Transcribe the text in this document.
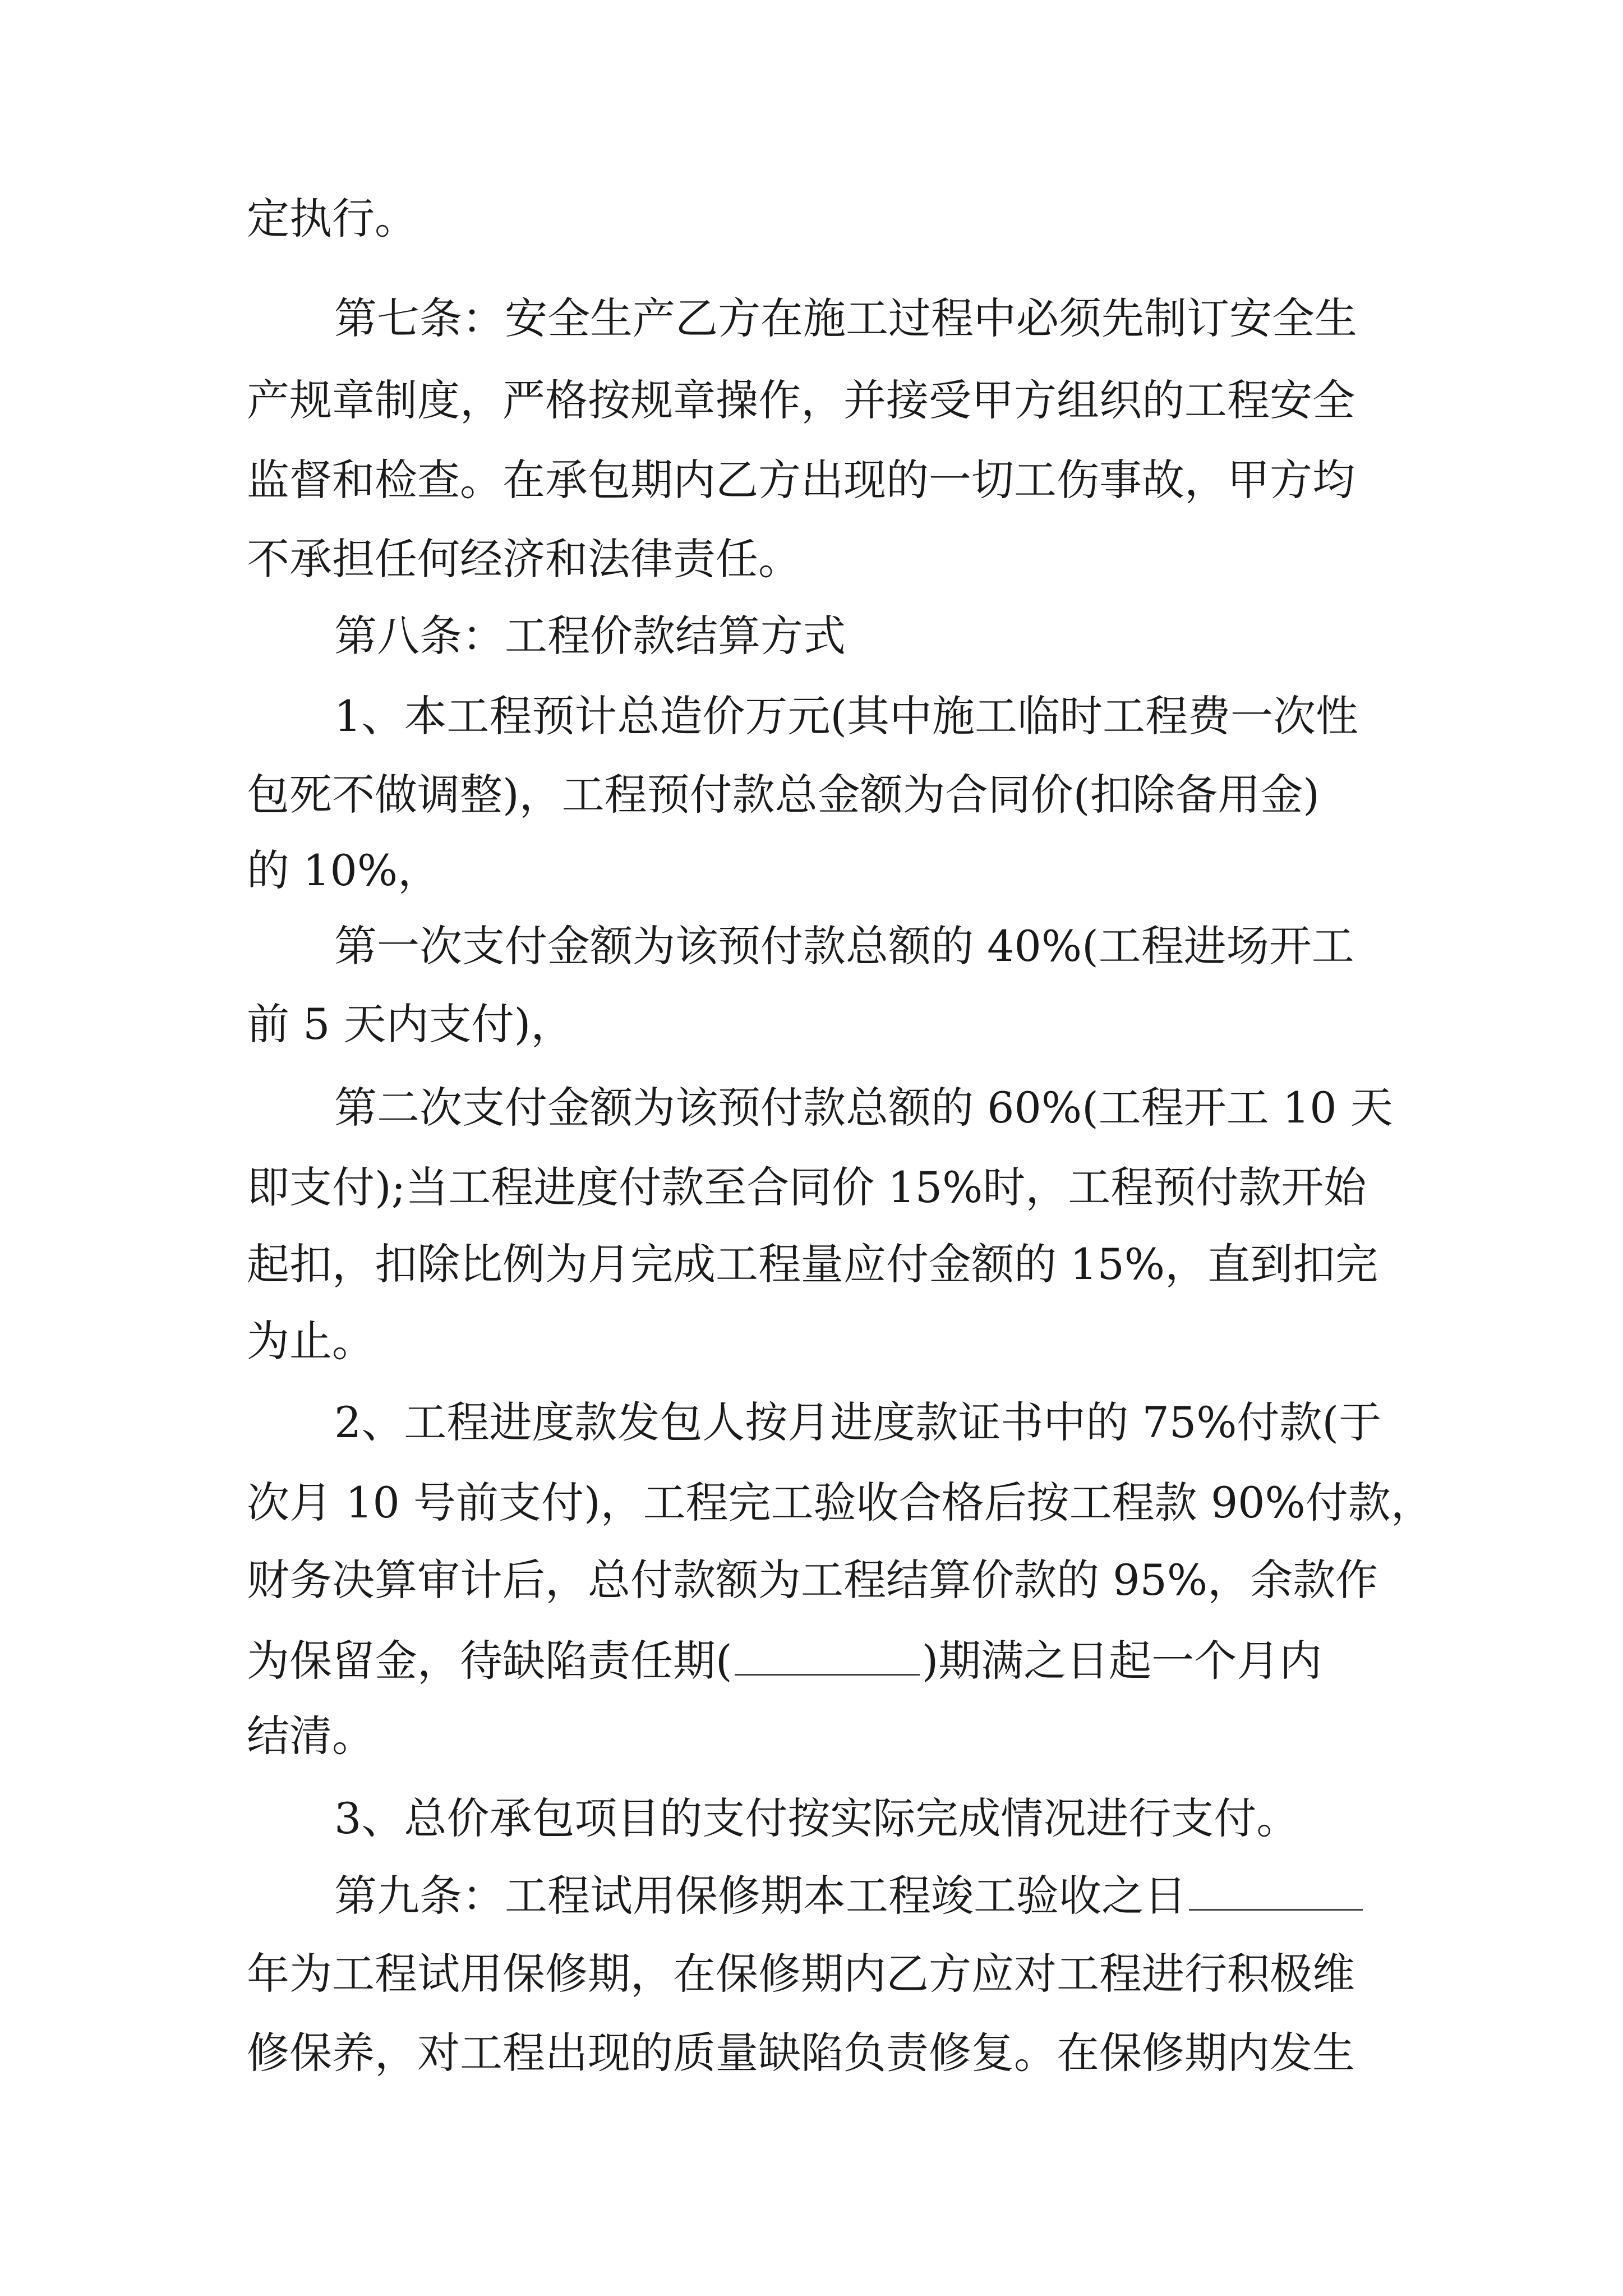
定执行。
第七条：安全生产乙方在施工过程中必须先制订安全生
产规章制度，严格按规章操作，并接受甲方组织的工程安全
监督和检查。在承包期内乙方出现的一切工伤事故，甲方均
不承担任何经济和法律责任。
第八条：工程价款结算方式
1、本工程预计总造价万元(其中施工临时工程费一次性
包死不做调整)，工程预付款总金额为合同价(扣除备用金)
的 10%，
第一次支付金额为该预付款总额的 40%(工程进场开工
前 5 天内支付)，
第二次支付金额为该预付款总额的 60%(工程开工 10 天
即支付);当工程进度付款至合同价 15%时，工程预付款开始
起扣，扣除比例为月完成工程量应付金额的 15%，直到扣完
为止。
2、工程进度款发包人按月进度款证书中的 75%付款(于
次月 10 号前支付)，工程完工验收合格后按工程款 90%付款，
财务决算审计后，总付款额为工程结算价款的 95%，余款作
为保留金，待缺陷责任期(	)期满之日起一个月内
结清。
3、总价承包项目的支付按实际完成情况进行支付。
第九条：工程试用保修期本工程竣工验收之日
年为工程试用保修期，在保修期内乙方应对工程进行积极维
修保养，对工程出现的质量缺陷负责修复。在保修期内发生
